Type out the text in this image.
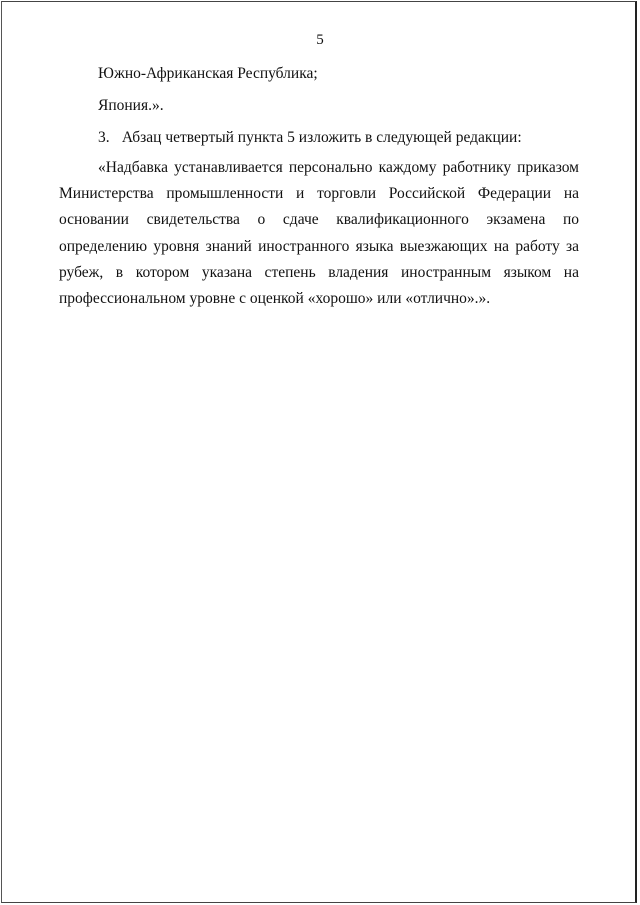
5

Южно-Африканская Республика;

Япония.».

3. Абзац четвертый пункта 5 изложить в следующей редакции:

«Надбавка устанавливается персонально каждому работнику приказом Министерства промышленности и торговли Российской Федерации на основании свидетельства о сдаче квалификационного экзамена по определению уровня знаний иностранного языка выезжающих на работу за рубеж, в котором указана степень владения иностранным языком на профессиональном уровне с оценкой «хорошо» или «отлично».».
